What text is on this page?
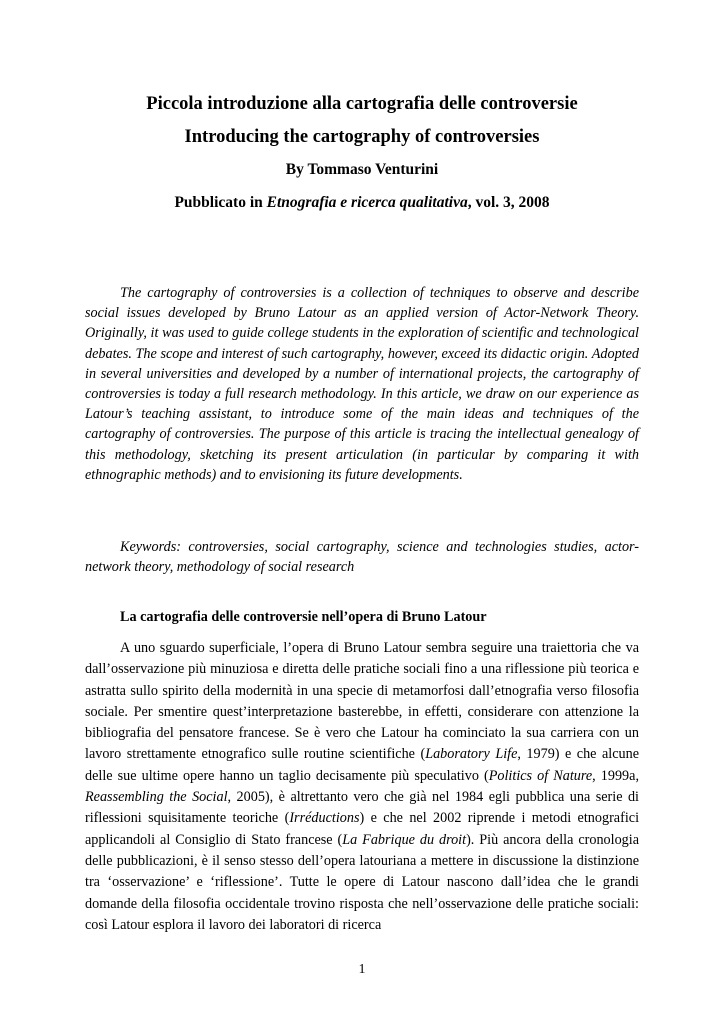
Piccola introduzione alla cartografia delle controversie

Introducing the cartography of controversies

By Tommaso Venturini

Pubblicato in Etnografia e ricerca qualitativa, vol. 3, 2008

The cartography of controversies is a collection of techniques to observe and describe social issues developed by Bruno Latour as an applied version of Actor-Network Theory. Originally, it was used to guide college students in the exploration of scientific and technological debates. The scope and interest of such cartography, however, exceed its didactic origin. Adopted in several universities and developed by a number of international projects, the cartography of controversies is today a full research methodology. In this article, we draw on our experience as Latour’s teaching assistant, to introduce some of the main ideas and techniques of the cartography of controversies. The purpose of this article is tracing the intellectual genealogy of this methodology, sketching its present articulation (in particular by comparing it with ethnographic methods) and to envisioning its future developments.

Keywords: controversies, social cartography, science and technologies studies, actor-network theory, methodology of social research

La cartografia delle controversie nell’opera di Bruno Latour

A uno sguardo superficiale, l’opera di Bruno Latour sembra seguire una traiettoria che va dall’osservazione più minuziosa e diretta delle pratiche sociali fino a una riflessione più teorica e astratta sullo spirito della modernità in una specie di metamorfosi dall’etnografia verso filosofia sociale. Per smentire quest’interpretazione basterebbe, in effetti, considerare con attenzione la bibliografia del pensatore francese. Se è vero che Latour ha cominciato la sua carriera con un lavoro strettamente etnografico sulle routine scientifiche (Laboratory Life, 1979) e che alcune delle sue ultime opere hanno un taglio decisamente più speculativo (Politics of Nature, 1999a, Reassembling the Social, 2005), è altrettanto vero che già nel 1984 egli pubblica una serie di riflessioni squisitamente teoriche (Irréductions) e che nel 2002 riprende i metodi etnografici applicandoli al Consiglio di Stato francese (La Fabrique du droit). Più ancora della cronologia delle pubblicazioni, è il senso stesso dell’opera latouriana a mettere in discussione la distinzione tra ‘osservazione’ e ‘riflessione’. Tutte le opere di Latour nascono dall’idea che le grandi domande della filosofia occidentale trovino risposta che nell’osservazione delle pratiche sociali: così Latour esplora il lavoro dei laboratori di ricerca

1
